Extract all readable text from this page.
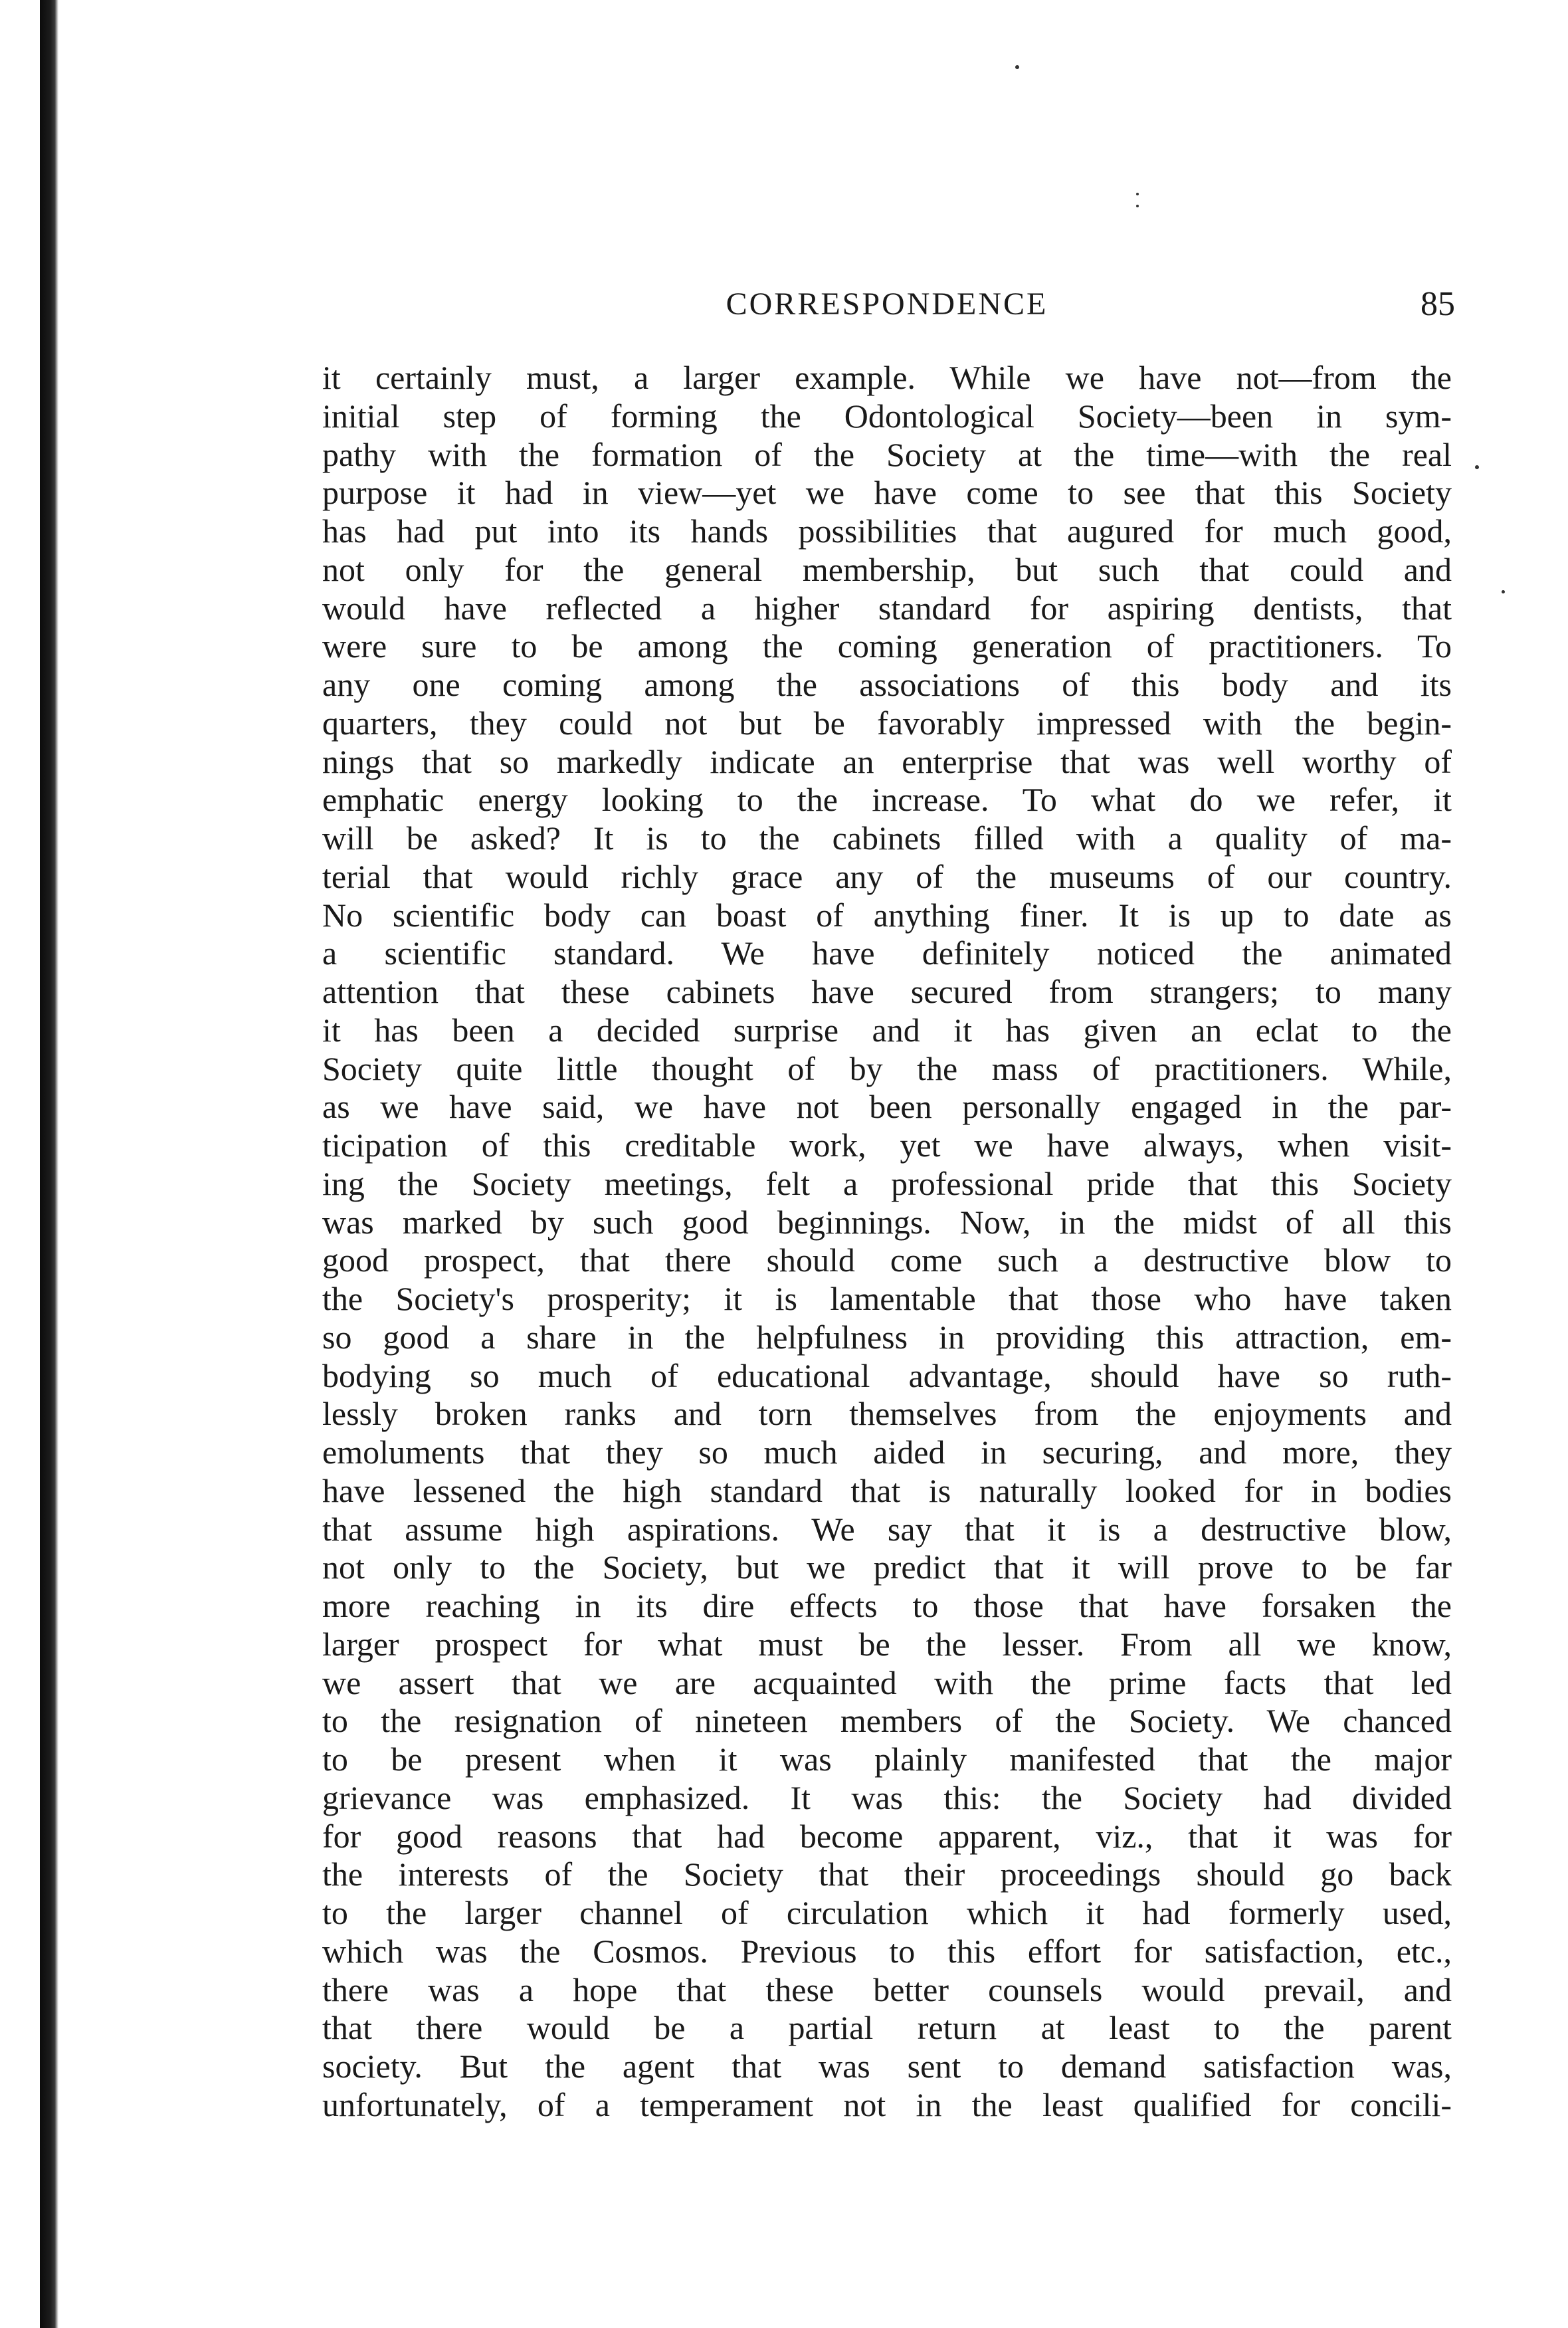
CORRESPONDENCE	85
it certainly must, a larger example. While we have not—from the
initial step of forming the Odontological Society—been in sym-
pathy with the formation of the Society at the time—with the real
purpose it had in view—yet we have come to see that this Society
has had put into its hands possibilities that augured for much good,
not only for the general membership, but such that could and
would have reflected a higher standard for aspiring dentists, that
were sure to be among the coming generation of practitioners. To
any one coming among the associations of this body and its
quarters, they could not but be favorably impressed with the begin-
nings that so markedly indicate an enterprise that was well worthy of
emphatic energy looking to the increase. To what do we refer, it
will be asked? It is to the cabinets filled with a quality of ma-
terial that would richly grace any of the museums of our country.
No scientific body can boast of anything finer. It is up to date as
a scientific standard. We have definitely noticed the animated
attention that these cabinets have secured from strangers; to many
it has been a decided surprise and it has given an eclat to the
Society quite little thought of by the mass of practitioners. While,
as we have said, we have not been personally engaged in the par-
ticipation of this creditable work, yet we have always, when visit-
ing the Society meetings, felt a professional pride that this Society
was marked by such good beginnings. Now, in the midst of all this
good prospect, that there should come such a destructive blow to
the Society's prosperity; it is lamentable that those who have taken
so good a share in the helpfulness in providing this attraction, em-
bodying so much of educational advantage, should have so ruth-
lessly broken ranks and torn themselves from the enjoyments and
emoluments that they so much aided in securing, and more, they
have lessened the high standard that is naturally looked for in bodies
that assume high aspirations. We say that it is a destructive blow,
not only to the Society, but we predict that it will prove to be far
more reaching in its dire effects to those that have forsaken the
larger prospect for what must be the lesser. From all we know,
we assert that we are acquainted with the prime facts that led
to the resignation of nineteen members of the Society. We chanced
to be present when it was plainly manifested that the major
grievance was emphasized. It was this: the Society had divided
for good reasons that had become apparent, viz., that it was for
the interests of the Society that their proceedings should go back
to the larger channel of circulation which it had formerly used,
which was the Cosmos. Previous to this effort for satisfaction, etc.,
there was a hope that these better counsels would prevail, and
that there would be a partial return at least to the parent
society. But the agent that was sent to demand satisfaction was,
unfortunately, of a temperament not in the least qualified for concili-
